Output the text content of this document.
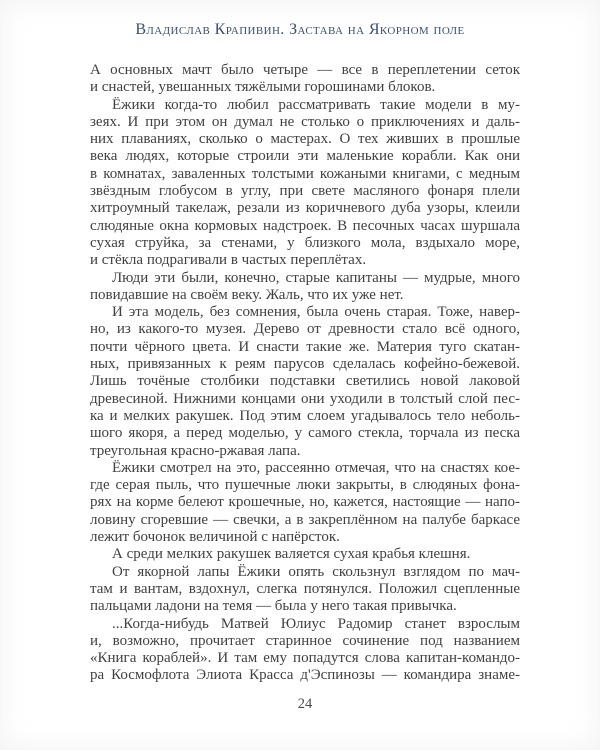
Владислав Крапивин. Застава на Якорном поле
А основных мачт было четыре — все в переплетении сеток
и снастей, увешанных тяжёлыми горошинами блоков.
Ёжики когда-то любил рассматривать такие модели в му-
зеях. И при этом он думал не столько о приключениях и даль-
них плаваниях, сколько о мастерах. О тех живших в прошлые
века людях, которые строили эти маленькие корабли. Как они
в комнатах, заваленных толстыми кожаными книгами, с медным
звёздным глобусом в углу, при свете масляного фонаря плели
хитроумный такелаж, резали из коричневого дуба узоры, клеили
слюдяные окна кормовых надстроек. В песочных часах шуршала
сухая струйка, за стенами, у близкого мола, вздыхало море,
и стёкла подрагивали в частых переплётах.
Люди эти были, конечно, старые капитаны — мудрые, много
повидавшие на своём веку. Жаль, что их уже нет.
И эта модель, без сомнения, была очень старая. Тоже, навер-
но, из какого-то музея. Дерево от древности стало всё одного,
почти чёрного цвета. И снасти такие же. Материя туго скатан-
ных, привязанных к реям парусов сделалась кофейно-бежевой.
Лишь точёные столбики подставки светились новой лаковой
древесиной. Нижними концами они уходили в толстый слой пес-
ка и мелких ракушек. Под этим слоем угадывалось тело неболь-
шого якоря, а перед моделью, у самого стекла, торчала из песка
треугольная красно-ржавая лапа.
Ёжики смотрел на это, рассеянно отмечая, что на снастях кое-
где серая пыль, что пушечные люки закрыты, в слюдяных фона-
рях на корме белеют крошечные, но, кажется, настоящие — напо-
ловину сгоревшие — свечки, а в закреплённом на палубе баркасе
лежит бочонок величиной с напёрсток.
А среди мелких ракушек валяется сухая крабья клешня.
От якорной лапы Ёжики опять скользнул взглядом по мач-
там и вантам, вздохнул, слегка потянулся. Положил сцепленные
пальцами ладони на темя — была у него такая привычка.
...Когда-нибудь Матвей Юлиус Радомир станет взрослым
и, возможно, прочитает старинное сочинение под названием
«Книга кораблей». И там ему попадутся слова капитан-командо-
ра Космофлота Элиота Красса д'Эспинозы — командира знаме-
24
